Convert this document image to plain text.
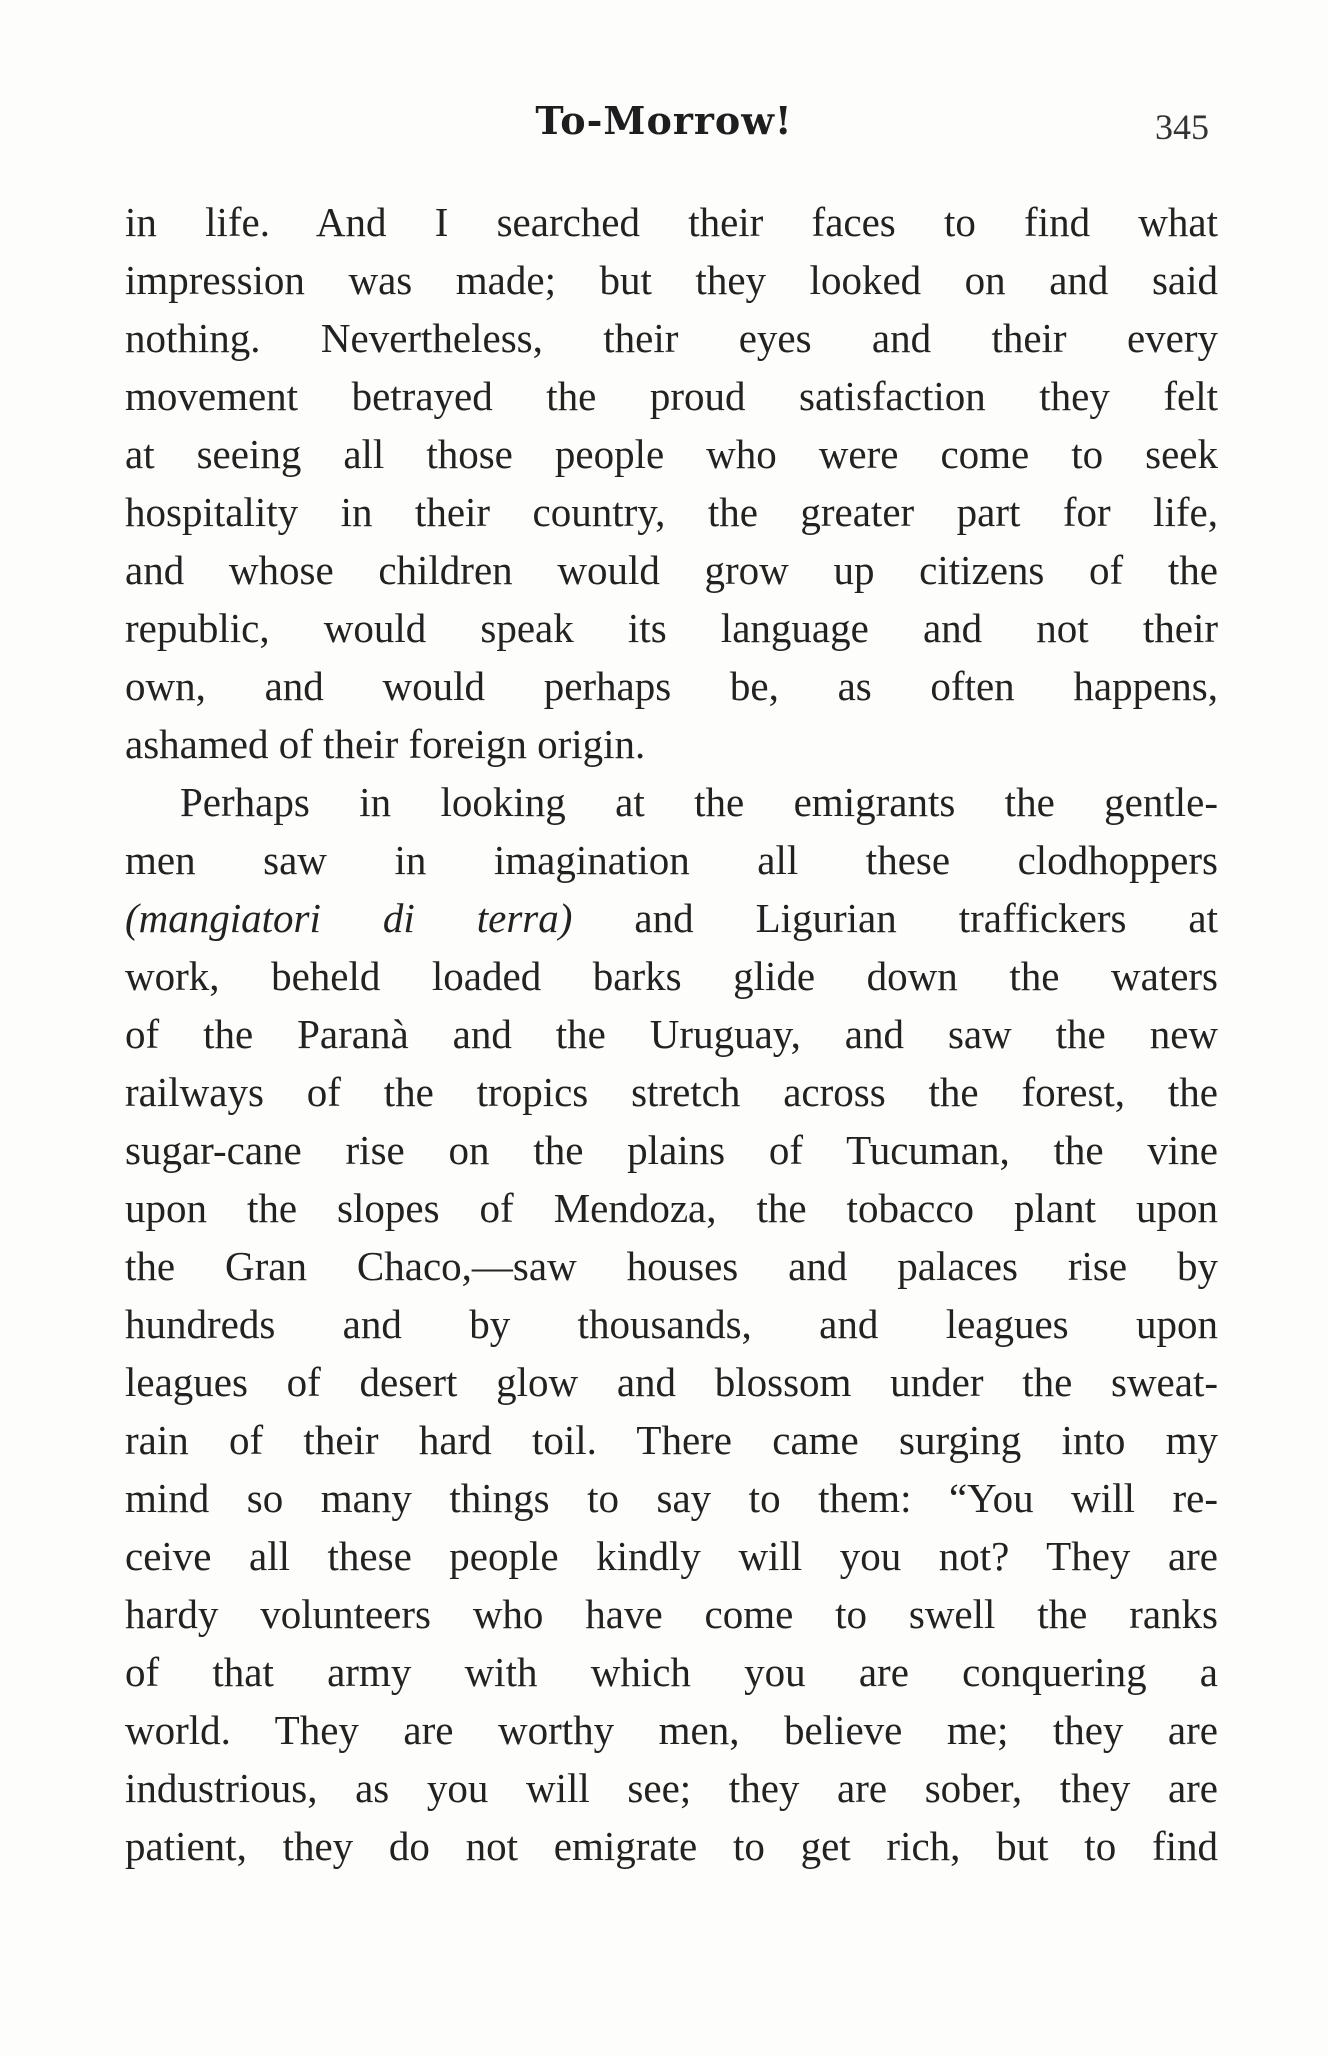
To-Morrow!	345
in life. And I searched their faces to find what
impression was made; but they looked on and said
nothing. Nevertheless, their eyes and their every
movement betrayed the proud satisfaction they felt
at seeing all those people who were come to seek
hospitality in their country, the greater part for life,
and whose children would grow up citizens of the
republic, would speak its language and not their
own, and would perhaps be, as often happens,
ashamed of their foreign origin.
Perhaps in looking at the emigrants the gentle-
men saw in imagination all these clodhoppers
(mangiatori di terra) and Ligurian traffickers at
work, beheld loaded barks glide down the waters
of the Paranà and the Uruguay, and saw the new
railways of the tropics stretch across the forest, the
sugar-cane rise on the plains of Tucuman, the vine
upon the slopes of Mendoza, the tobacco plant upon
the Gran Chaco,—saw houses and palaces rise by
hundreds and by thousands, and leagues upon
leagues of desert glow and blossom under the sweat-
rain of their hard toil. There came surging into my
mind so many things to say to them: “You will re-
ceive all these people kindly will you not? They are
hardy volunteers who have come to swell the ranks
of that army with which you are conquering a
world. They are worthy men, believe me; they are
industrious, as you will see; they are sober, they are
patient, they do not emigrate to get rich, but to find
